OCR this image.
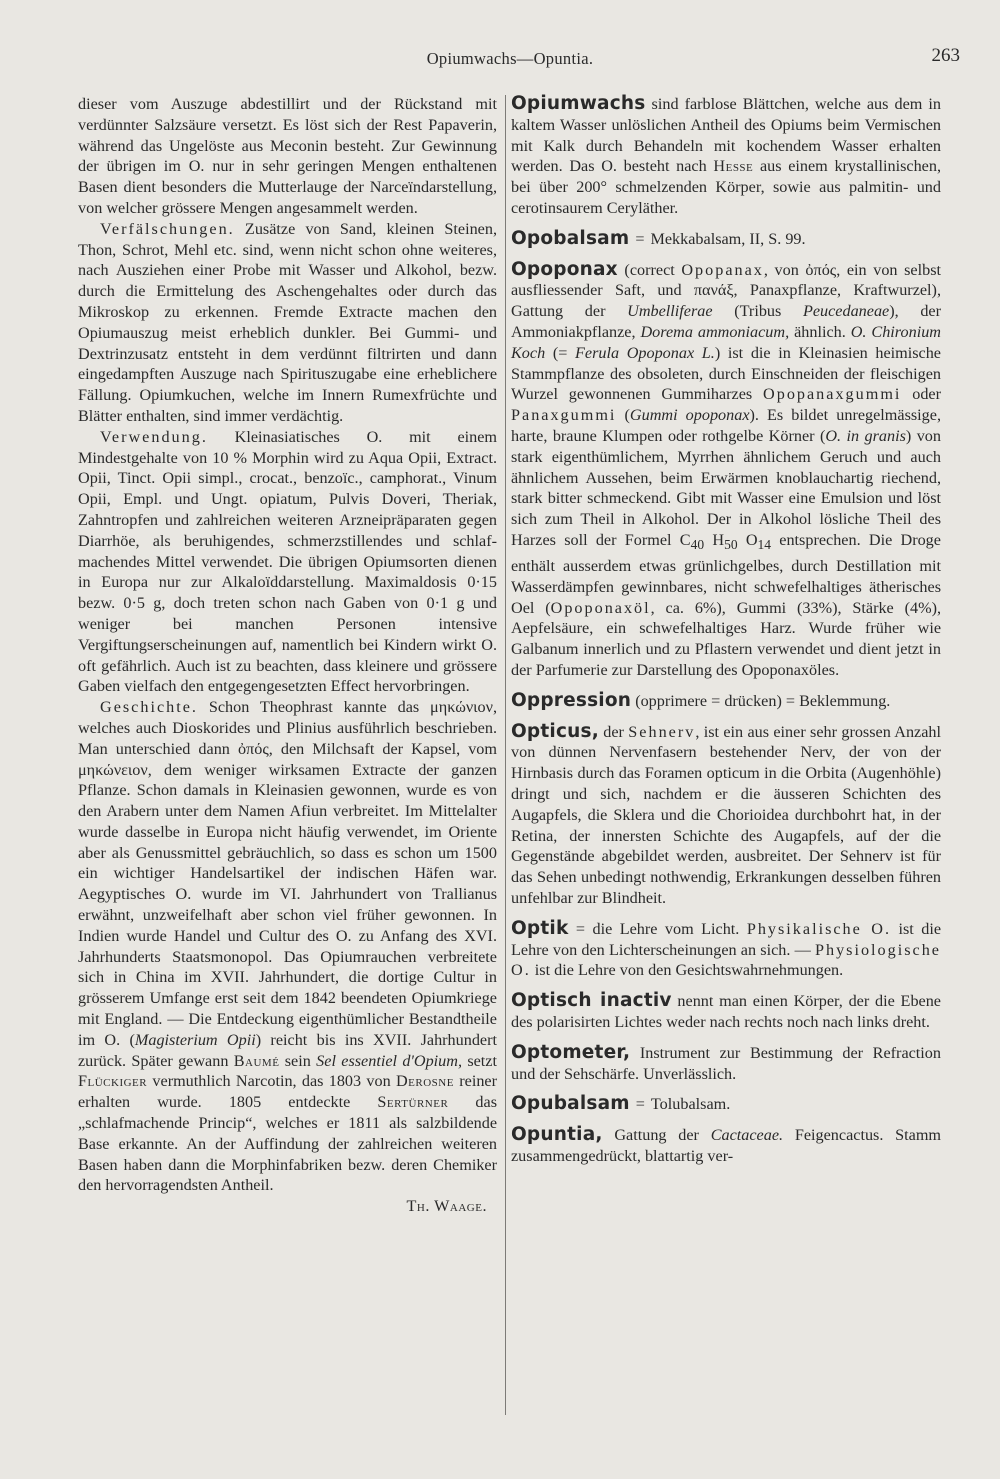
Opiumwachs—Opuntia.	263

dieser vom Auszuge abdestillirt und der Rückstand mit verdünnter Salzsäure versetzt. Es löst sich der Rest Papaverin, während das Ungelöste aus Meconin besteht. Zur Gewinnung der übrigen im O. nur in sehr geringen Mengen enthaltenen Basen dient besonders die Mutterlauge der Narceïndarstellung, von welcher grössere Mengen angesammelt werden.

Verfälschungen. Zusätze von Sand, kleinen Steinen, Thon, Schrot, Mehl etc. sind, wenn nicht schon ohne weiteres, nach Ausziehen einer Probe mit Wasser und Alkohol, bezw. durch die Ermittelung des Aschengehaltes oder durch das Mikroskop zu erkennen. Fremde Extracte machen den Opiumauszug meist erheblich dunkler. Bei Gummi- und Dextrinzusatz entsteht in dem verdünnt filtrirten und dann eingedampften Auszuge nach Spirituszugabe eine erheblichere Fällung. Opiumkuchen, welche im Innern Rumexfrüchte und Blätter enthalten, sind immer verdächtig.

Verwendung. Kleinasiatisches O. mit einem Mindestgehalte von 10 % Morphin wird zu Aqua Opii, Extract. Opii, Tinct. Opii simpl., crocat., benzoïc., camphorat., Vinum Opii, Empl. und Ungt. opiatum, Pulvis Doveri, Theriak, Zahntropfen und zahlreichen weiteren Arzneipräparaten gegen Diarrhöe, als beruhigendes, schmerzstillendes und schlafmachendes Mittel verwendet. Die übrigen Opiumsorten dienen in Europa nur zur Alkaloïddarstellung. Maximaldosis 0·15 bezw. 0·5 g, doch treten schon nach Gaben von 0·1 g und weniger bei manchen Personen intensive Vergiftungserscheinungen auf, namentlich bei Kindern wirkt O. oft gefährlich. Auch ist zu beachten, dass kleinere und grössere Gaben vielfach den entgegengesetzten Effect hervorbringen.

Geschichte. Schon Theophrast kannte das μηκώνιον, welches auch Dioskorides und Plinius ausführlich beschrieben. Man unterschied dann ὀπός, den Milchsaft der Kapsel, vom μηκώνειον, dem weniger wirksamen Extracte der ganzen Pflanze. Schon damals in Kleinasien gewonnen, wurde es von den Arabern unter dem Namen Afiun verbreitet. Im Mittelalter wurde dasselbe in Europa nicht häufig verwendet, im Oriente aber als Genussmittel gebräuchlich, so dass es schon um 1500 ein wichtiger Handelsartikel der indischen Häfen war. Aegyptisches O. wurde im VI. Jahrhundert von Trallianus erwähnt, unzweifelhaft aber schon viel früher gewonnen. In Indien wurde Handel und Cultur des O. zu Anfang des XVI. Jahrhunderts Staatsmonopol. Das Opiumrauchen verbreitete sich in China im XVII. Jahrhundert, die dortige Cultur in grösserem Umfange erst seit dem 1842 beendeten Opiumkriege mit England. — Die Entdeckung eigenthümlicher Bestandtheile im O. (Magisterium Opii) reicht bis ins XVII. Jahrhundert zurück. Später gewann Baumé sein Sel essentiel d'Opium, setzt Flückiger vermuthlich Narcotin, das 1803 von Derosne reiner erhalten wurde. 1805 entdeckte Sertürner das „schlafmachende Princip“, welches er 1811 als salzbildende Base erkannte. An der Auffindung der zahlreichen weiteren Basen haben dann die Morphinfabriken bezw. deren Chemiker den hervorragendsten Antheil.

Th. Waage.

Opiumwachs sind farblose Blättchen, welche aus dem in kaltem Wasser unlöslichen Antheil des Opiums beim Vermischen mit Kalk durch Behandeln mit kochendem Wasser erhalten werden. Das O. besteht nach Hesse aus einem krystallinischen, bei über 200° schmelzenden Körper, sowie aus palmitin- und cerotinsaurem Ceryläther.

Opobalsam = Mekkabalsam, II, S. 99.

Opoponax (correct Opopanax, von ὀπός, ein von selbst ausfliessender Saft, und πανάξ, Panaxpflanze, Kraftwurzel), Gattung der Umbelliferae (Tribus Peucedaneae), der Ammoniakpflanze, Dorema ammoniacum, ähnlich. O. Chironium Koch (= Ferula Opoponax L.) ist die in Kleinasien heimische Stammpflanze des obsoleten, durch Einschneiden der fleischigen Wurzel gewonnenen Gummiharzes Opopanaxgummi oder Panaxgummi (Gummi opoponax). Es bildet unregelmässige, harte, braune Klumpen oder rothgelbe Körner (O. in granis) von stark eigenthümlichem, Myrrhen ähnlichem Geruch und auch ähnlichem Aussehen, beim Erwärmen knoblauchartig riechend, stark bitter schmeckend. Gibt mit Wasser eine Emulsion und löst sich zum Theil in Alkohol. Der in Alkohol lösliche Theil des Harzes soll der Formel $C_{40}$ $H_{50}$ $O_{14}$ entsprechen. Die Droge enthält ausserdem etwas grünlichgelbes, durch Destillation mit Wasserdämpfen gewinnbares, nicht schwefelhaltiges ätherisches Oel (Opoponaxöl, ca. 6%), Gummi (33%), Stärke (4%), Aepfelsäure, ein schwefelhaltiges Harz. Wurde früher wie Galbanum innerlich und zu Pflastern verwendet und dient jetzt in der Parfumerie zur Darstellung des Opoponaxöles.

Oppression (opprimere = drücken) = Beklemmung.

Opticus, der Sehnerv, ist ein aus einer sehr grossen Anzahl von dünnen Nervenfasern bestehender Nerv, der von der Hirnbasis durch das Foramen opticum in die Orbita (Augenhöhle) dringt und sich, nachdem er die äusseren Schichten des Augapfels, die Sklera und die Chorioidea durchbohrt hat, in der Retina, der innersten Schichte des Augapfels, auf der die Gegenstände abgebildet werden, ausbreitet. Der Sehnerv ist für das Sehen unbedingt nothwendig, Erkrankungen desselben führen unfehlbar zur Blindheit.

Optik = die Lehre vom Licht. Physikalische O. ist die Lehre von den Lichterscheinungen an sich. — Physiologische O. ist die Lehre von den Gesichtswahrnehmungen.

Optisch inactiv nennt man einen Körper, der die Ebene des polarisirten Lichtes weder nach rechts noch nach links dreht.

Optometer, Instrument zur Bestimmung der Refraction und der Sehschärfe. Unverlässlich.

Opubalsam = Tolubalsam.

Opuntia, Gattung der Cactaceae. Feigencactus. Stamm zusammengedrückt, blattartig ver-
